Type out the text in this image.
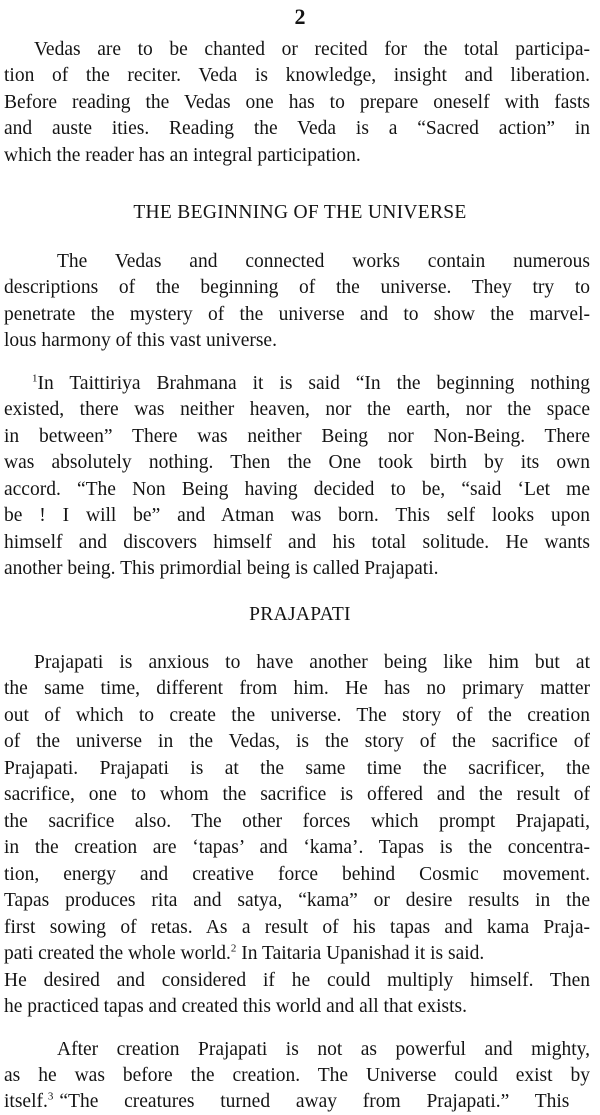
2
Vedas are to be chanted or recited for the total participa-
tion of the reciter. Veda is knowledge, insight and liberation.
Before reading the Vedas one has to prepare oneself with fasts
and auste ities. Reading the Veda is a “Sacred action” in
which the reader has an integral participation.
THE BEGINNING OF THE UNIVERSE
The Vedas and connected works contain numerous
descriptions of the beginning of the universe. They try to
penetrate the mystery of the universe and to show the marvel-
lous harmony of this vast universe.
$^1$In Taittiriya Brahmana it is said “In the beginning nothing
existed, there was neither heaven, nor the earth, nor the space
in between” There was neither Being nor Non-Being. There
was absolutely nothing. Then the One took birth by its own
accord. “The Non Being having decided to be, “said ‘Let me
be ! I will be” and Atman was born. This self looks upon
himself and discovers himself and his total solitude. He wants
another being. This primordial being is called Prajapati.
PRAJAPATI
Prajapati is anxious to have another being like him but at
the same time, different from him. He has no primary matter
out of which to create the universe. The story of the creation
of the universe in the Vedas, is the story of the sacrifice of
Prajapati. Prajapati is at the same time the sacrificer, the
sacrifice, one to whom the sacrifice is offered and the result of
the sacrifice also. The other forces which prompt Prajapati,
in the creation are ‘tapas’ and ‘kama’. Tapas is the concentra-
tion, energy and creative force behind Cosmic movement.
Tapas produces rita and satya, “kama” or desire results in the
first sowing of retas. As a result of his tapas and kama Praja-
pati created the whole world.$^2$ In Taitaria Upanishad it is said.
He desired and considered if he could multiply himself. Then
he practiced tapas and created this world and all that exists.
After creation Prajapati is not as powerful and mighty,
as he was before the creation. The Universe could exist by
itself.$^3$ “The creatures turned away from Prajapati.” This
